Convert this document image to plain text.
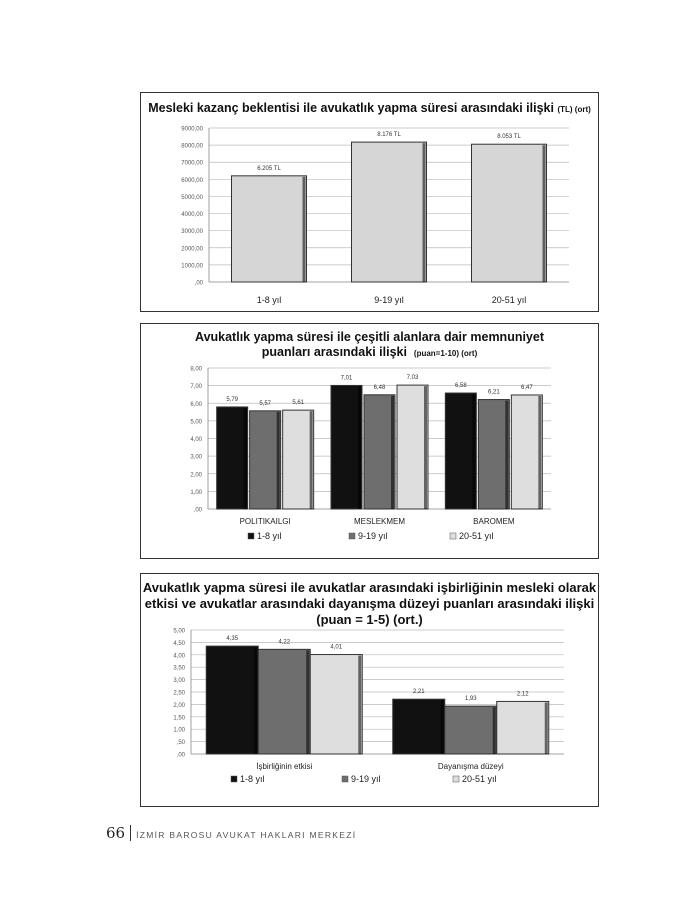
,00
1000,00
2000,00
3000,00
4000,00
5000,00
6000,00
7000,00
8000,00
9000,00
1-8 yıl
6.205 TL
9-19 yıl
8.176 TL
20-51 yıl
8.053 TL
Mesleki kazanç beklentisi ile avukatlık yapma süresi arasındaki ilişki (TL) (ort)
,00
1,00
2,00
3,00
4,00
5,00
6,00
7,00
8,00
POLITIKAILGI
5,79
5,57	5,61
MESLEKMEM
7,01
6,48
7,03
BAROMEM
6,58
6,21
6,47
1-8 yıl	9-19 yıl	20-51 yıl
Avukatlık yapma süresi ile çeşitli alanlara dair memnuniyet
puanları arasındaki ilişki (puan=1-10) (ort)
,00
,50
1,00
1,50
2,00
2,50
3,00
3,50
4,00
4,50
5,00
İşbirliğinin etkisi
4,35
4,22
4,01
Dayanışma düzeyi
2,21
1,93
2,12
1-8 yıl	9-19 yıl	20-51 yıl
Avukatlık yapma süresi ile avukatlar arasındaki işbirliğinin mesleki olarak
etkisi ve avukatlar arasındaki dayanışma düzeyi puanları arasındaki ilişki
(puan = 1-5) (ort.)
66 İZMİR BAROSU AVUKAT HAKLARI MERKEZİ
